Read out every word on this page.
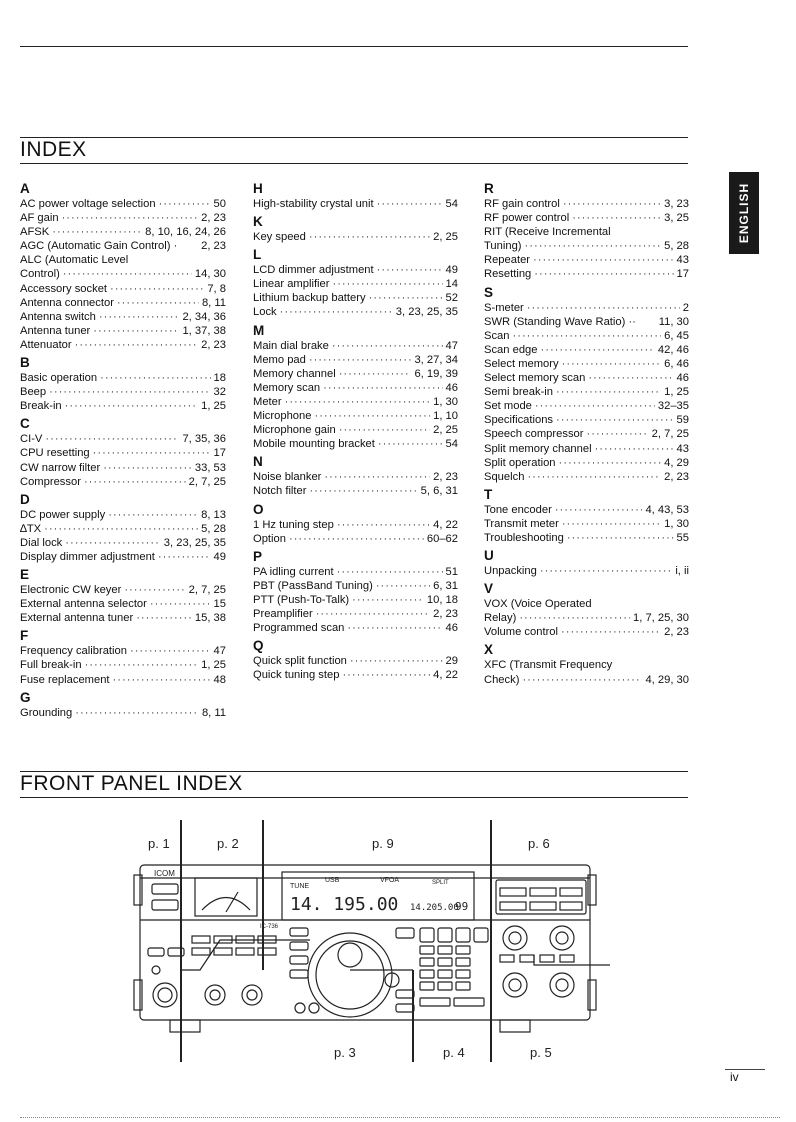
INDEX
ENGLISH
A
AC power voltage selection ·····	50
AF gain ·····	2, 23
AFSK ·····	8, 10, 16, 24, 26
AGC (Automatic Gain Control) · 2, 23
ALC (Automatic Level
Control) ·····	14, 30
Accessory socket ·····	7, 8
Antenna connector ·····	8, 11
Antenna switch ·····	2, 34, 36
Antenna tuner ·····	1, 37, 38
Attenuator ·····	2, 23
B
Basic operation ·····	18
Beep ·····	32
Break-in ·····	1, 25
C
CI-V ·····	7, 35, 36
CPU resetting ·····	17
CW narrow filter ·····	33, 53
Compressor ·····	2, 7, 25
D
DC power supply ·····	8, 13
∆TX ·····	5, 28
Dial lock ·····	3, 23, 25, 35
Display dimmer adjustment ·····	49
E
Electronic CW keyer ·····	2, 7, 25
External antenna selector ·····	15
External antenna tuner ·····	15, 38
F
Frequency calibration ·····	47
Full break-in ·····	1, 25
Fuse replacement ·····	48
G
Grounding ·····	8, 11
H
High-stability crystal unit ·····	54
K
Key speed ·····	2, 25
L
LCD dimmer adjustment ·····	49
Linear amplifier ·····	14
Lithium backup battery ·····	52
Lock ·····	3, 23, 25, 35
M
Main dial brake ·····	47
Memo pad ·····	3, 27, 34
Memory channel ·····	6, 19, 39
Memory scan ·····	46
Meter ·····	1, 30
Microphone ·····	1, 10
Microphone gain ·····	2, 25
Mobile mounting bracket ·····	54
N
Noise blanker ·····	2, 23
Notch filter ·····	5, 6, 31
O
1 Hz tuning step ·····	4, 22
Option ·····	60–62
P
PA idling current ·····	51
PBT (PassBand Tuning) ·····	6, 31
PTT (Push-To-Talk) ·····	10, 18
Preamplifier ·····	2, 23
Programmed scan ·····	46
Q
Quick split function ·····	29
Quick tuning step ·····	4, 22
R
RF gain control ·····	3, 23
RF power control ·····	3, 25
RIT (Receive Incremental
Tuning) ·····	5, 28
Repeater ·····	43
Resetting ·····	17
S
S-meter ·····	2
SWR (Standing Wave Ratio) ·· 11, 30
Scan ·····	6, 45
Scan edge ·····	42, 46
Select memory ·····	6, 46
Select memory scan ·····	46
Semi break-in ·····	1, 25
Set mode ·····	32–35
Specifications ·····	59
Speech compressor ·····	2, 7, 25
Split memory channel ·····	43
Split operation ·····	4, 29
Squelch ·····	2, 23
T
Tone encoder ·····	4, 43, 53
Transmit meter ·····	1, 30
Troubleshooting ·····	55
U
Unpacking ·····	i, ii
V
VOX (Voice Operated
Relay) ·····	1, 7, 25, 30
Volume control ·····	2, 23
X
XFC (Transmit Frequency
Check) ·····	4, 29, 30
FRONT PANEL INDEX
p. 1	p. 2	p. 9	p. 6
p. 3	p. 4	p. 5
ICOM
IC-736
TUNE
USB	VFOA	SPLIT
14. 195.00 14.205.00
99
iv
